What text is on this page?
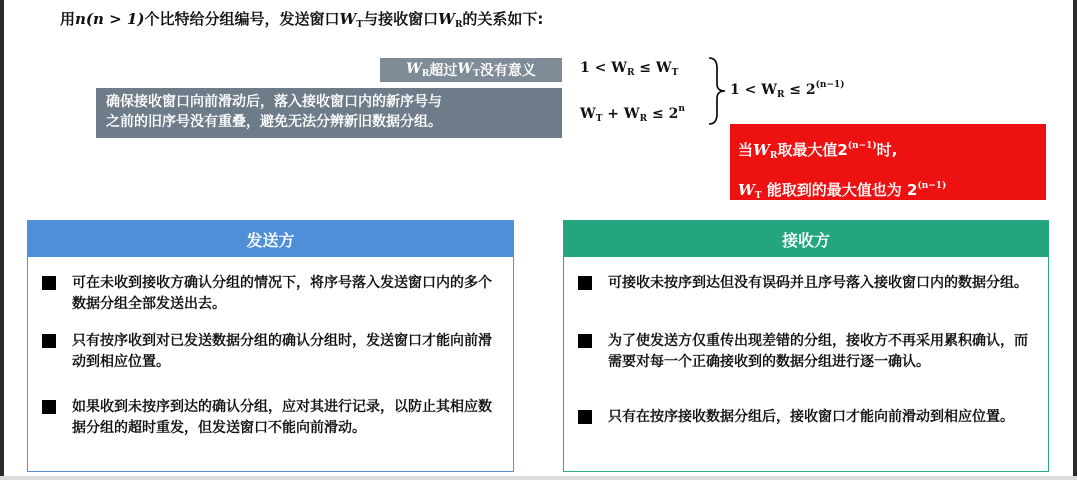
用n(n > 1)个比特给分组编号，发送窗口$W_T$与接收窗口$W_R$的关系如下:
$W_R$ 超过 $W_T$ 没有意义
确保接收窗口向前滑动后，落入接收窗口内的新序号与
之前的旧序号没有重叠，避免无法分辨新旧数据分组。
$1 < W_R \le W_T$
$W_T + W_R \le 2^n$
$1 < W_R \le 2^{(n-1)}$
当$W_R$取最大值$2^{(n-1)}$时,
$W_T$ 能取到的最大值也为 $2^{(n-1)}$	。
发送方
可在未收到接收方确认分组的情况下，将序号落入发送窗口内的多个数据分组全部发送出去。
只有按序收到对已发送数据分组的确认分组时，发送窗口才能向前滑动到相应位置。
如果收到未按序到达的确认分组，应对其进行记录，以防止其相应数据分组的超时重发，但发送窗口不能向前滑动。
接收方
可接收未按序到达但没有误码并且序号落入接收窗口内的数据分组。
为了使发送方仅重传出现差错的分组，接收方不再采用累积确认，而需要对每一个正确接收到的数据分组进行逐一确认。
只有在按序接收数据分组后，接收窗口才能向前滑动到相应位置。
